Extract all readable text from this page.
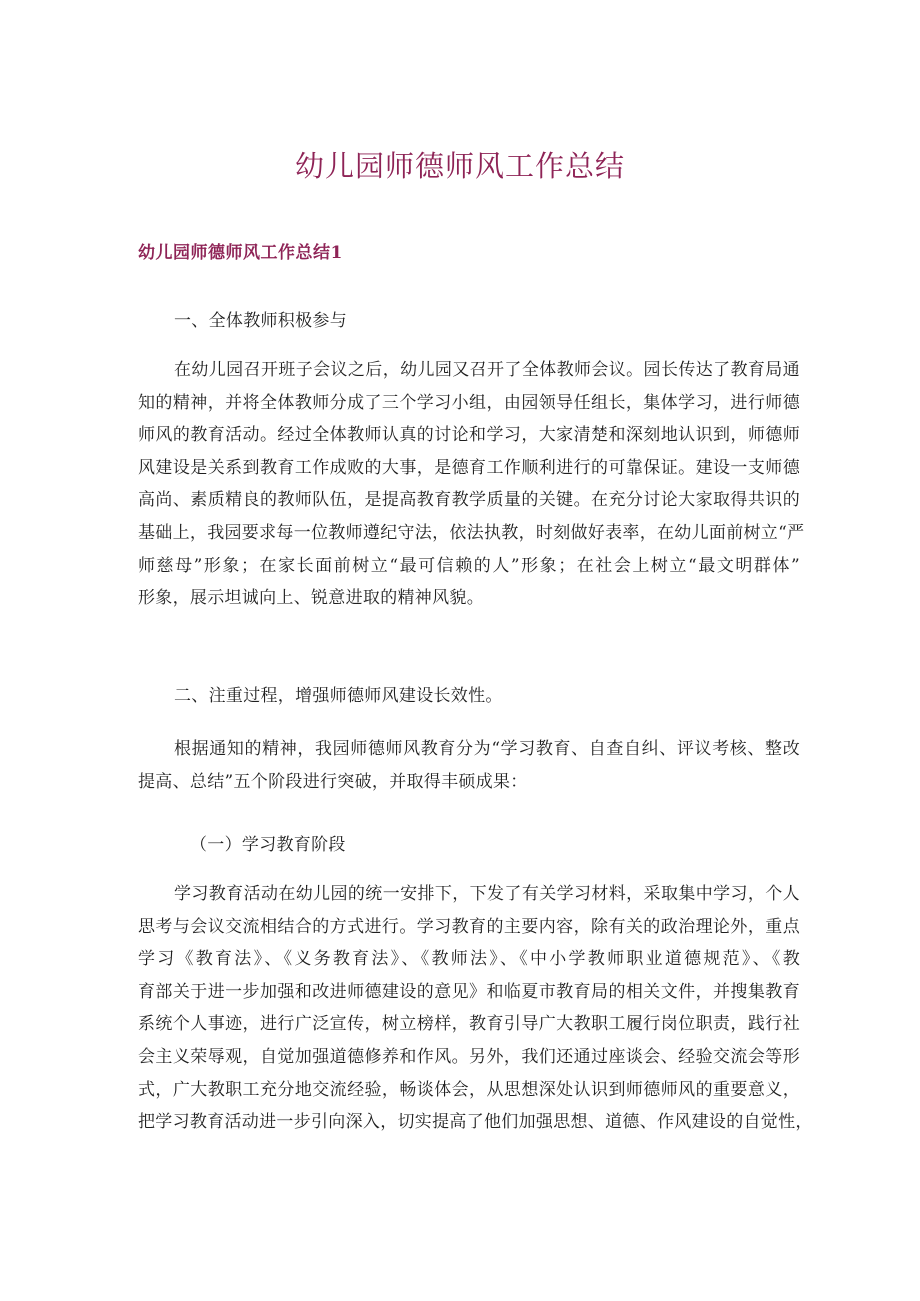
幼儿园师德师风工作总结
幼儿园师德师风工作总结1

一、全体教师积极参与

在幼儿园召开班子会议之后，幼儿园又召开了全体教师会议。园长传达了教育局通
知的精神，并将全体教师分成了三个学习小组，由园领导任组长，集体学习，进行师德
师风的教育活动。经过全体教师认真的讨论和学习，大家清楚和深刻地认识到，师德师
风建设是关系到教育工作成败的大事，是德育工作顺利进行的可靠保证。建设一支师德
高尚、素质精良的教师队伍，是提高教育教学质量的关键。在充分讨论大家取得共识的
基础上，我园要求每一位教师遵纪守法，依法执教，时刻做好表率，在幼儿面前树立“严
师慈母”形象；在家长面前树立“最可信赖的人”形象；在社会上树立“最文明群体”
形象，展示坦诚向上、锐意进取的精神风貌。

二、注重过程，增强师德师风建设长效性。

根据通知的精神，我园师德师风教育分为“学习教育、自查自纠、评议考核、整改
提高、总结”五个阶段进行突破，并取得丰硕成果：

（一）学习教育阶段

学习教育活动在幼儿园的统一安排下，下发了有关学习材料，采取集中学习，个人
思考与会议交流相结合的方式进行。学习教育的主要内容，除有关的政治理论外，重点
学习《教育法》、《义务教育法》、《教师法》、《中小学教师职业道德规范》、《教
育部关于进一步加强和改进师德建设的意见》和临夏市教育局的相关文件，并搜集教育
系统个人事迹，进行广泛宣传，树立榜样，教育引导广大教职工履行岗位职责，践行社
会主义荣辱观，自觉加强道德修养和作风。另外，我们还通过座谈会、经验交流会等形
式，广大教职工充分地交流经验，畅谈体会，从思想深处认识到师德师风的重要意义，
把学习教育活动进一步引向深入，切实提高了他们加强思想、道德、作风建设的自觉性，
